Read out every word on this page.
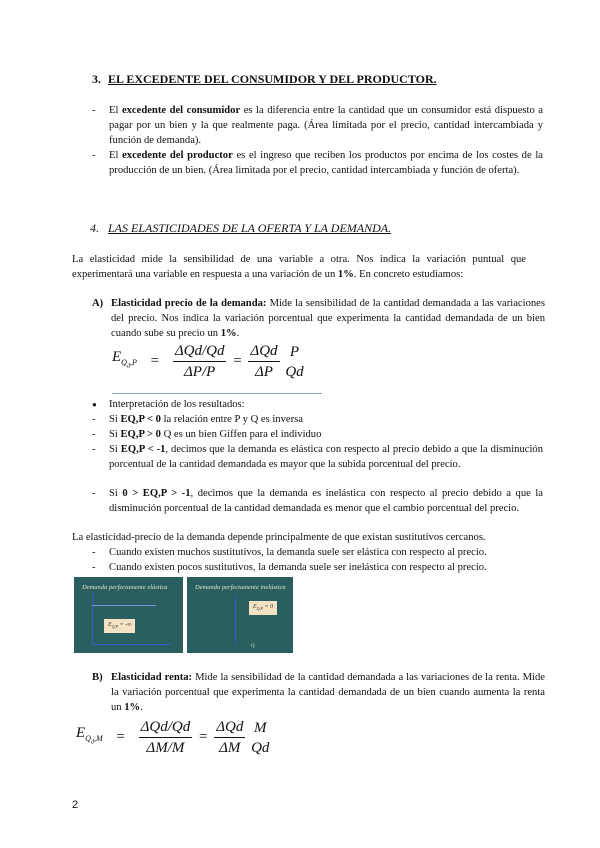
3. EL EXCEDENTE DEL CONSUMIDOR Y DEL PRODUCTOR.
- El excedente del consumidor es la diferencia entre la cantidad que un consumidor está dispuesto a pagar por un bien y la que realmente paga. (Área limitada por el precio, cantidad intercambiada y función de demanda).
- El excedente del productor es el ingreso que reciben los productos por encima de los costes de la producción de un bien. (Área limitada por el precio, cantidad intercambiada y función de oferta).
4. LAS ELASTICIDADES DE LA OFERTA Y LA DEMANDA.
La elasticidad mide la sensibilidad de una variable a otra. Nos indica la variación puntual que experimentará una variable en respuesta a una variación de un 1%. En concreto estudiamos:
A) Elasticidad precio de la demanda: Mide la sensibilidad de la cantidad demandada a las variaciones del precio. Nos indica la variación porcentual que experimenta la cantidad demandada de un bien cuando sube su precio un 1%.
$E_{Q_d,P} = \frac{\text{ΔQd/Qd}}{\Delta P/P} = \frac{\text{ΔQd}}{\Delta P}$
P
Qd
● Interpretación de los resultados:
- Si EQ,P < 0 la relación entre P y Q es inversa
- Si EQ,P > 0 Q es un bien Giffen para el individuo
- Si EQ,P < -1, decimos que la demanda es elástica con respecto al precio debido a que la disminución porcentual de la cantidad demandada es mayor que la subida porcentual del precio.
- Si 0 > EQ,P > -1, decimos que la demanda es inelástica con respecto al precio debido a que la disminución porcentual de la cantidad demandada es menor que el cambio porcentual del precio.
La elasticidad-precio de la demanda depende principalmente de que existan sustitutivos cercanos.
- Cuando existen muchos sustitutivos, la demanda suele ser elástica con respecto al precio.
- Cuando existen pocos sustitutivos, la demanda suele ser inelástica con respecto al precio.
Demanda perfectamente elástica
$E_{Q,P}$ = -∞
Demanda perfectamente inelástica
$E_{Q,P} = 0$
Q
B) Elasticidad renta: Mide la sensibilidad de la cantidad demandada a las variaciones de la renta. Mide la variación porcentual que experimenta la cantidad demandada de un bien cuando aumenta la renta un 1%.
$E_{Q_d,M} = \frac{\text{ΔQd/Qd}}{\Delta M/M} = \frac{\text{ΔQd}}{\Delta M}$
M
Qd
2
